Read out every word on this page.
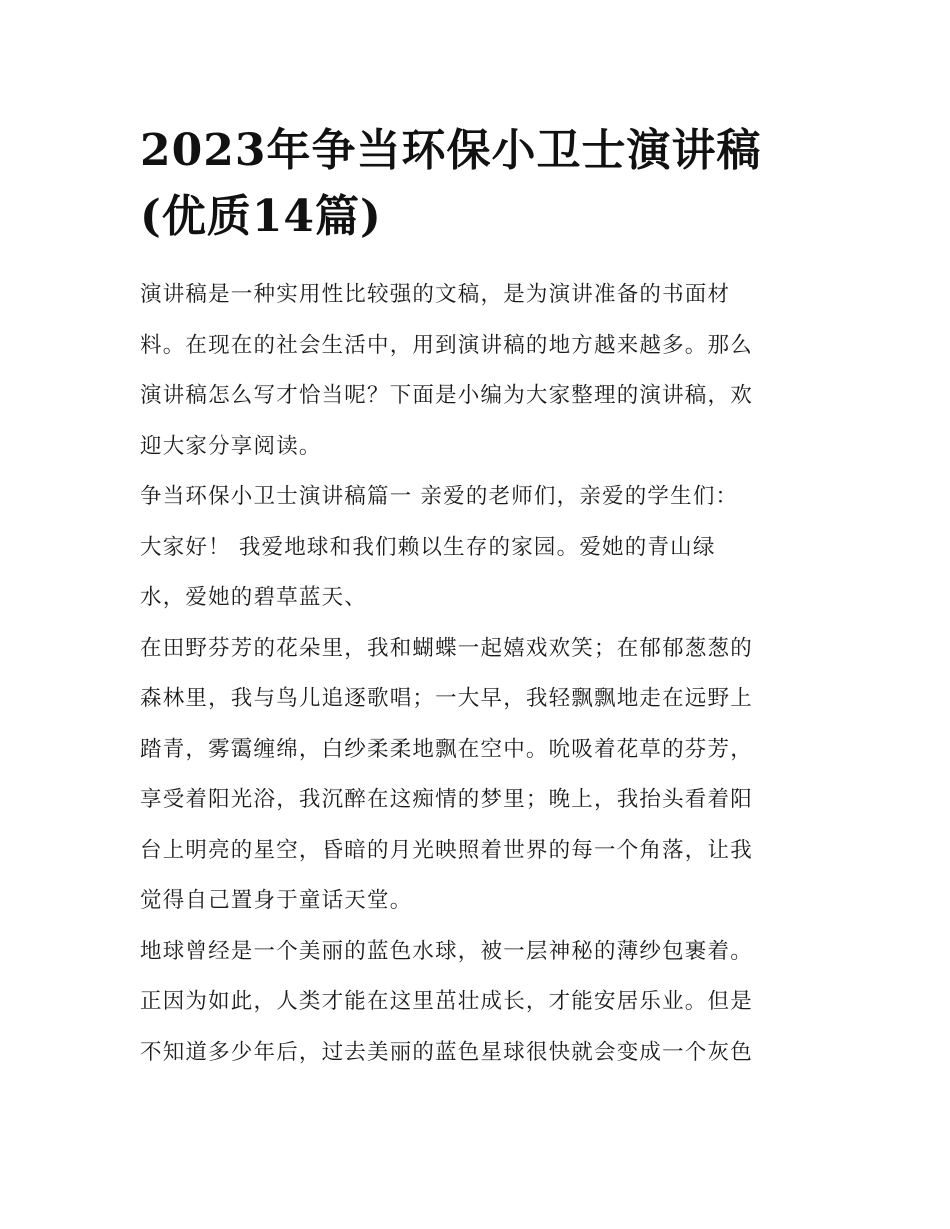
2023年争当环保小卫士演讲稿
(优质14篇)

演讲稿是一种实用性比较强的文稿，是为演讲准备的书面材
料。在现在的社会生活中，用到演讲稿的地方越来越多。那么
演讲稿怎么写才恰当呢？下面是小编为大家整理的演讲稿，欢
迎大家分享阅读。

争当环保小卫士演讲稿篇一 亲爱的老师们，亲爱的学生们：
大家好！ 我爱地球和我们赖以生存的家园。爱她的青山绿
水，爱她的碧草蓝天、

在田野芬芳的花朵里，我和蝴蝶一起嬉戏欢笑；在郁郁葱葱的
森林里，我与鸟儿追逐歌唱；一大早，我轻飘飘地走在远野上
踏青，雾霭缠绵，白纱柔柔地飘在空中。吮吸着花草的芬芳，
享受着阳光浴，我沉醉在这痴情的梦里；晚上，我抬头看着阳
台上明亮的星空，昏暗的月光映照着世界的每一个角落，让我
觉得自己置身于童话天堂。

地球曾经是一个美丽的蓝色水球，被一层神秘的薄纱包裹着。
正因为如此，人类才能在这里茁壮成长，才能安居乐业。但是
不知道多少年后，过去美丽的蓝色星球很快就会变成一个灰色
